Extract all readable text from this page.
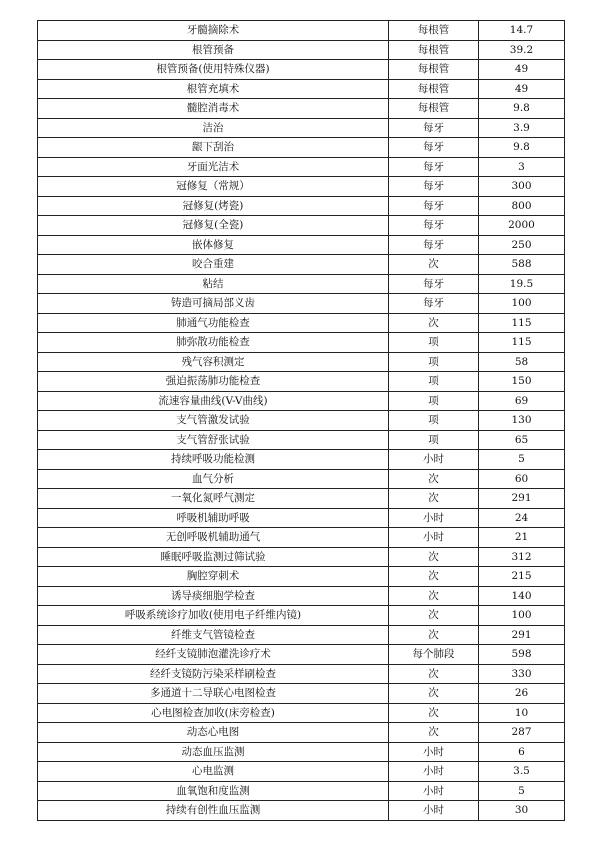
牙髓摘除术	每根管	14.7
根管预备	每根管	39.2
根管预备(使用特殊仪器)	每根管	49
根管充填术	每根管	49
髓腔消毒术	每根管	9.8
洁治	每牙	3.9
龈下刮治	每牙	9.8
牙面光洁术	每牙	3
冠修复（常规）	每牙	300
冠修复(烤瓷)	每牙	800
冠修复(全瓷)	每牙	2000
嵌体修复	每牙	250
咬合重建	次	588
粘结	每牙	19.5
铸造可摘局部义齿	每牙	100
肺通气功能检查	次	115
肺弥散功能检查	项	115
残气容积测定	项	58
强迫振荡肺功能检查	项	150
流速容量曲线(V-V曲线)	项	69
支气管激发试验	项	130
支气管舒张试验	项	65
持续呼吸功能检测	小时	5
血气分析	次	60
一氧化氮呼气测定	次	291
呼吸机辅助呼吸	小时	24
无创呼吸机辅助通气	小时	21
睡眠呼吸监测过筛试验	次	312
胸腔穿刺术	次	215
诱导痰细胞学检查	次	140
呼吸系统诊疗加收(使用电子纤维内镜)	次	100
纤维支气管镜检查	次	291
经纤支镜肺泡灌洗诊疗术	每个肺段	598
经纤支镜防污染采样刷检查	次	330
多通道十二导联心电图检查	次	26
心电图检查加收(床旁检查)	次	10
动态心电图	次	287
动态血压监测	小时	6
心电监测	小时	3.5
血氧饱和度监测	小时	5
持续有创性血压监测	小时	30
